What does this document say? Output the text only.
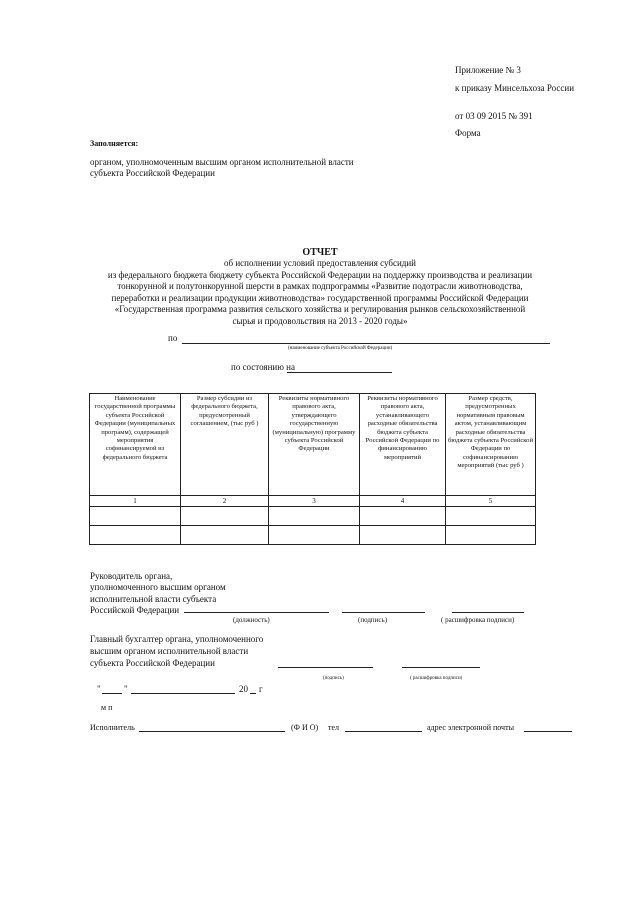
Приложение № 3
к приказу Минсельхоза России
от 03 09 2015 № 391
Форма
Заполняется:
органом, уполномоченным высшим органом исполнительной власти
субъекта Российской Федерации
ОТЧЕТ
об исполнении условий предоставления субсидий
из федерального бюджета бюджету субъекта Российской Федерации на поддержку производства и реализации
тонкорунной и полутонкорунной шерсти в рамках подпрограммы «Развитие подотрасли животноводства,
переработки и реализации продукции животноводства» государственной программы Российской Федерации
«Государственная программа развития сельского хозяйства и регулирования рынков сельскохозяйственной
сырья и продовольствия на 2013 - 2020 годы»
по
(наименование субъекта Российской Федерации)
по состоянию на
Наименование государственной программы субъекта Российской Федерации (муниципальных программ), содержащей мероприятия софинансируемой из федерального бюджета	Размер субсидии из федерального бюджета, предусмотренный соглашением, (тыс руб )	Реквизиты нормативного правового акта, утверждающего государственную (муниципальную) программу субъекта Российской Федерации	Реквизиты нормативного правового акта, устанавливающего расходные обязательства бюджета субъекта Российской Федерации по финансированию мероприятий	Размер средств, предусмотренных нормативным правовым актом, устанавливающим расходные обязательства бюджета субъекта Российской Федерации по софинансированию мероприятий (тыс руб )
1	2	3	4	5

Руководитель органа,
уполномоченного высшим органом
исполнительной власти субъекта
Российской Федерации
(должность)	(подпись)	( расшифровка подписи)
Главный бухгалтер органа, уполномоченного
высшим органом исполнительной власти
субъекта Российской Федерации
(подпись)	( расшифровка подписи)
"	"	20 г
м п
Исполнитель	(Ф И О) тел	адрес электронной почты
